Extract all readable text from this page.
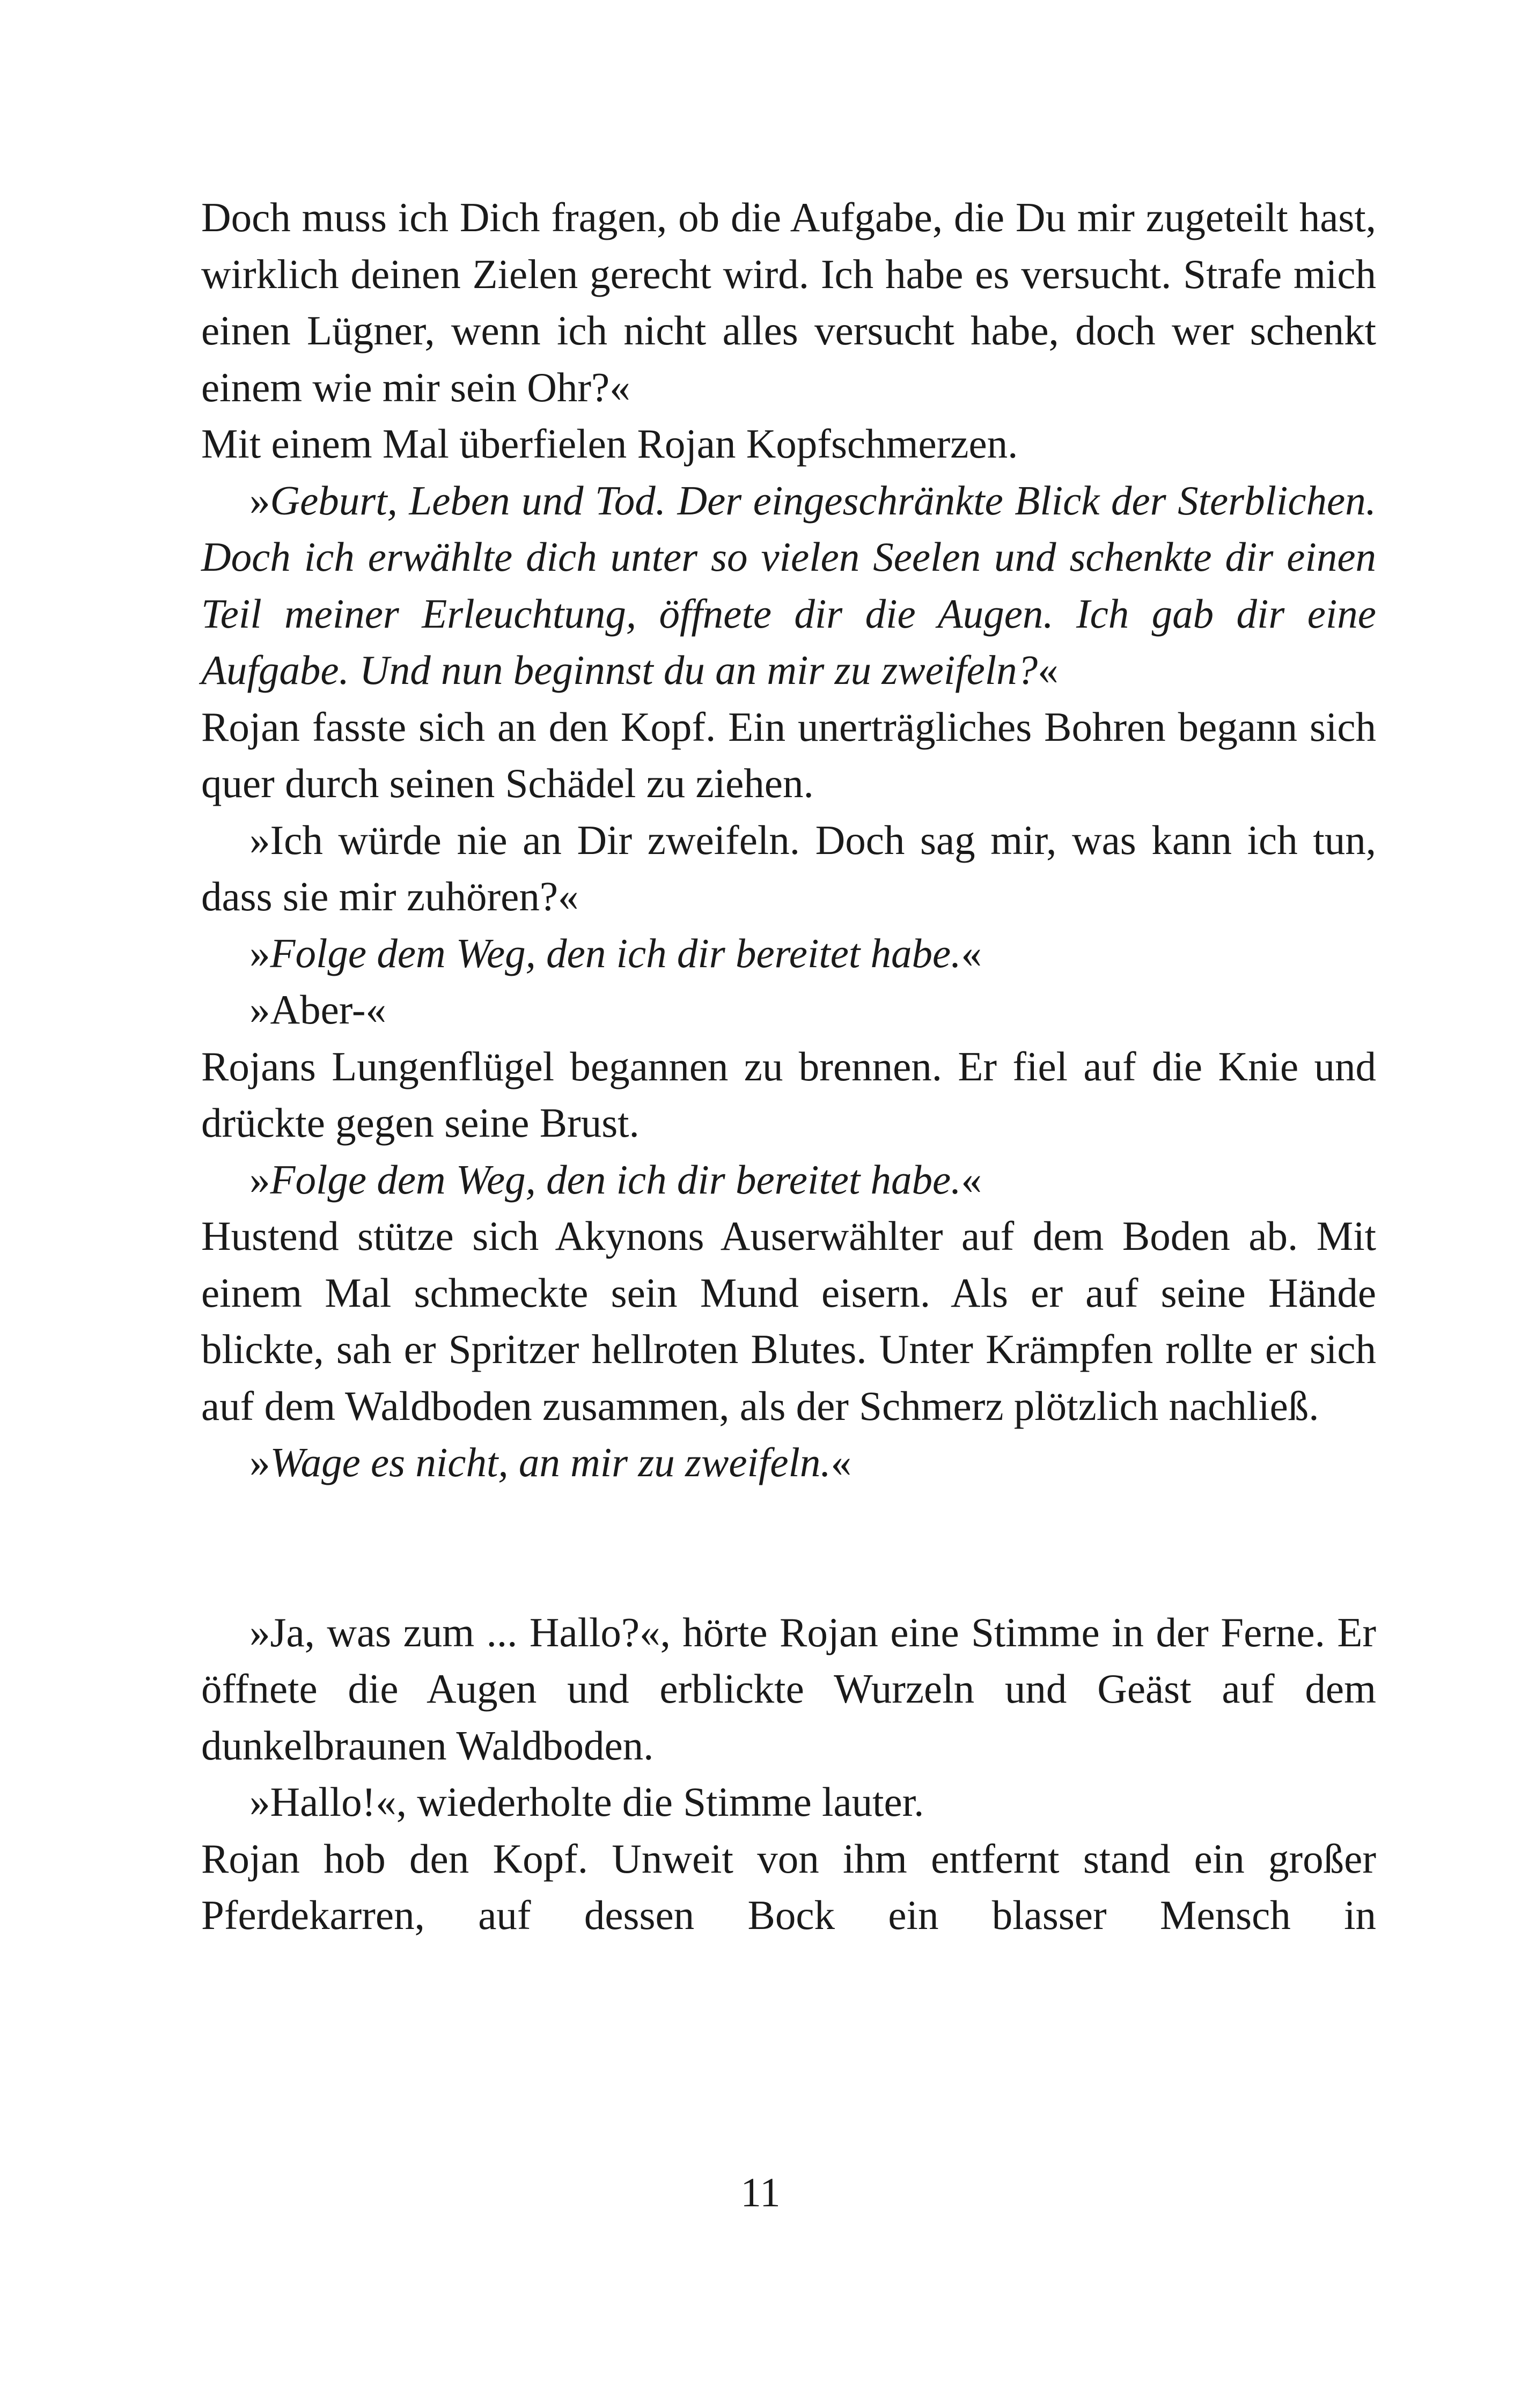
Doch muss ich Dich fragen, ob die Aufgabe, die Du mir zugeteilt hast, wirklich deinen Zielen gerecht wird. Ich habe es versucht. Strafe mich einen Lügner, wenn ich nicht alles versucht habe, doch wer schenkt einem wie mir sein Ohr?«

Mit einem Mal überfielen Rojan Kopfschmerzen.

»Geburt, Leben und Tod. Der eingeschränkte Blick der Sterblichen. Doch ich erwählte dich unter so vielen Seelen und schenkte dir einen Teil meiner Erleuchtung, öffnete dir die Augen. Ich gab dir eine Aufgabe. Und nun beginnst du an mir zu zweifeln?«

Rojan fasste sich an den Kopf. Ein unerträgliches Bohren begann sich quer durch seinen Schädel zu ziehen.

»Ich würde nie an Dir zweifeln. Doch sag mir, was kann ich tun, dass sie mir zuhören?«

»Folge dem Weg, den ich dir bereitet habe.«

»Aber-«

Rojans Lungenflügel begannen zu brennen. Er fiel auf die Knie und drückte gegen seine Brust.

»Folge dem Weg, den ich dir bereitet habe.«

Hustend stütze sich Akynons Auserwählter auf dem Boden ab. Mit einem Mal schmeckte sein Mund eisern. Als er auf seine Hände blickte, sah er Spritzer hellroten Blutes. Unter Krämpfen rollte er sich auf dem Waldboden zusammen, als der Schmerz plötzlich nachließ.

»Wage es nicht, an mir zu zweifeln.«

»Ja, was zum ... Hallo?«, hörte Rojan eine Stimme in der Ferne. Er öffnete die Augen und erblickte Wurzeln und Geäst auf dem dunkelbraunen Waldboden.

»Hallo!«, wiederholte die Stimme lauter.

Rojan hob den Kopf. Unweit von ihm entfernt stand ein großer Pferdekarren, auf dessen Bock ein blasser Mensch in

11
